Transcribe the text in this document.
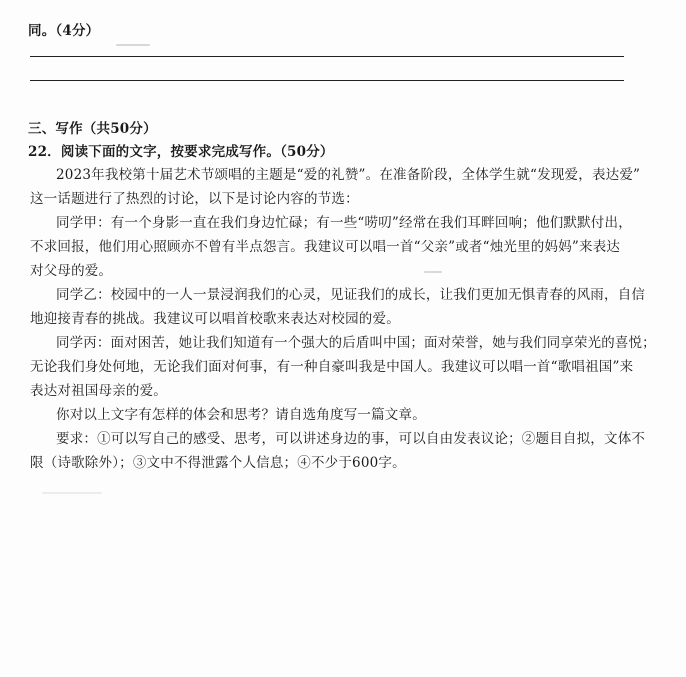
同。（4分）
三、写作（共50分）
22．阅读下面的文字，按要求完成写作。（50分）
2023年我校第十届艺术节颂唱的主题是“爱的礼赞”。在准备阶段，全体学生就“发现爱，表达爱”
这一话题进行了热烈的讨论，以下是讨论内容的节选：
同学甲：有一个身影一直在我们身边忙碌；有一些“唠叨”经常在我们耳畔回响；他们默默付出，
不求回报，他们用心照顾亦不曾有半点怨言。我建议可以唱一首“父亲”或者“烛光里的妈妈”来表达
对父母的爱。
同学乙：校园中的一人一景浸润我们的心灵，见证我们的成长，让我们更加无惧青春的风雨，自信
地迎接青春的挑战。我建议可以唱首校歌来表达对校园的爱。
同学丙：面对困苦，她让我们知道有一个强大的后盾叫中国；面对荣誉，她与我们同享荣光的喜悦；
无论我们身处何地，无论我们面对何事，有一种自豪叫我是中国人。我建议可以唱一首“歌唱祖国”来
表达对祖国母亲的爱。
你对以上文字有怎样的体会和思考？请自选角度写一篇文章。
要求：①可以写自己的感受、思考，可以讲述身边的事，可以自由发表议论；②题目自拟，文体不
限（诗歌除外）；③文中不得泄露个人信息；④不少于600字。
